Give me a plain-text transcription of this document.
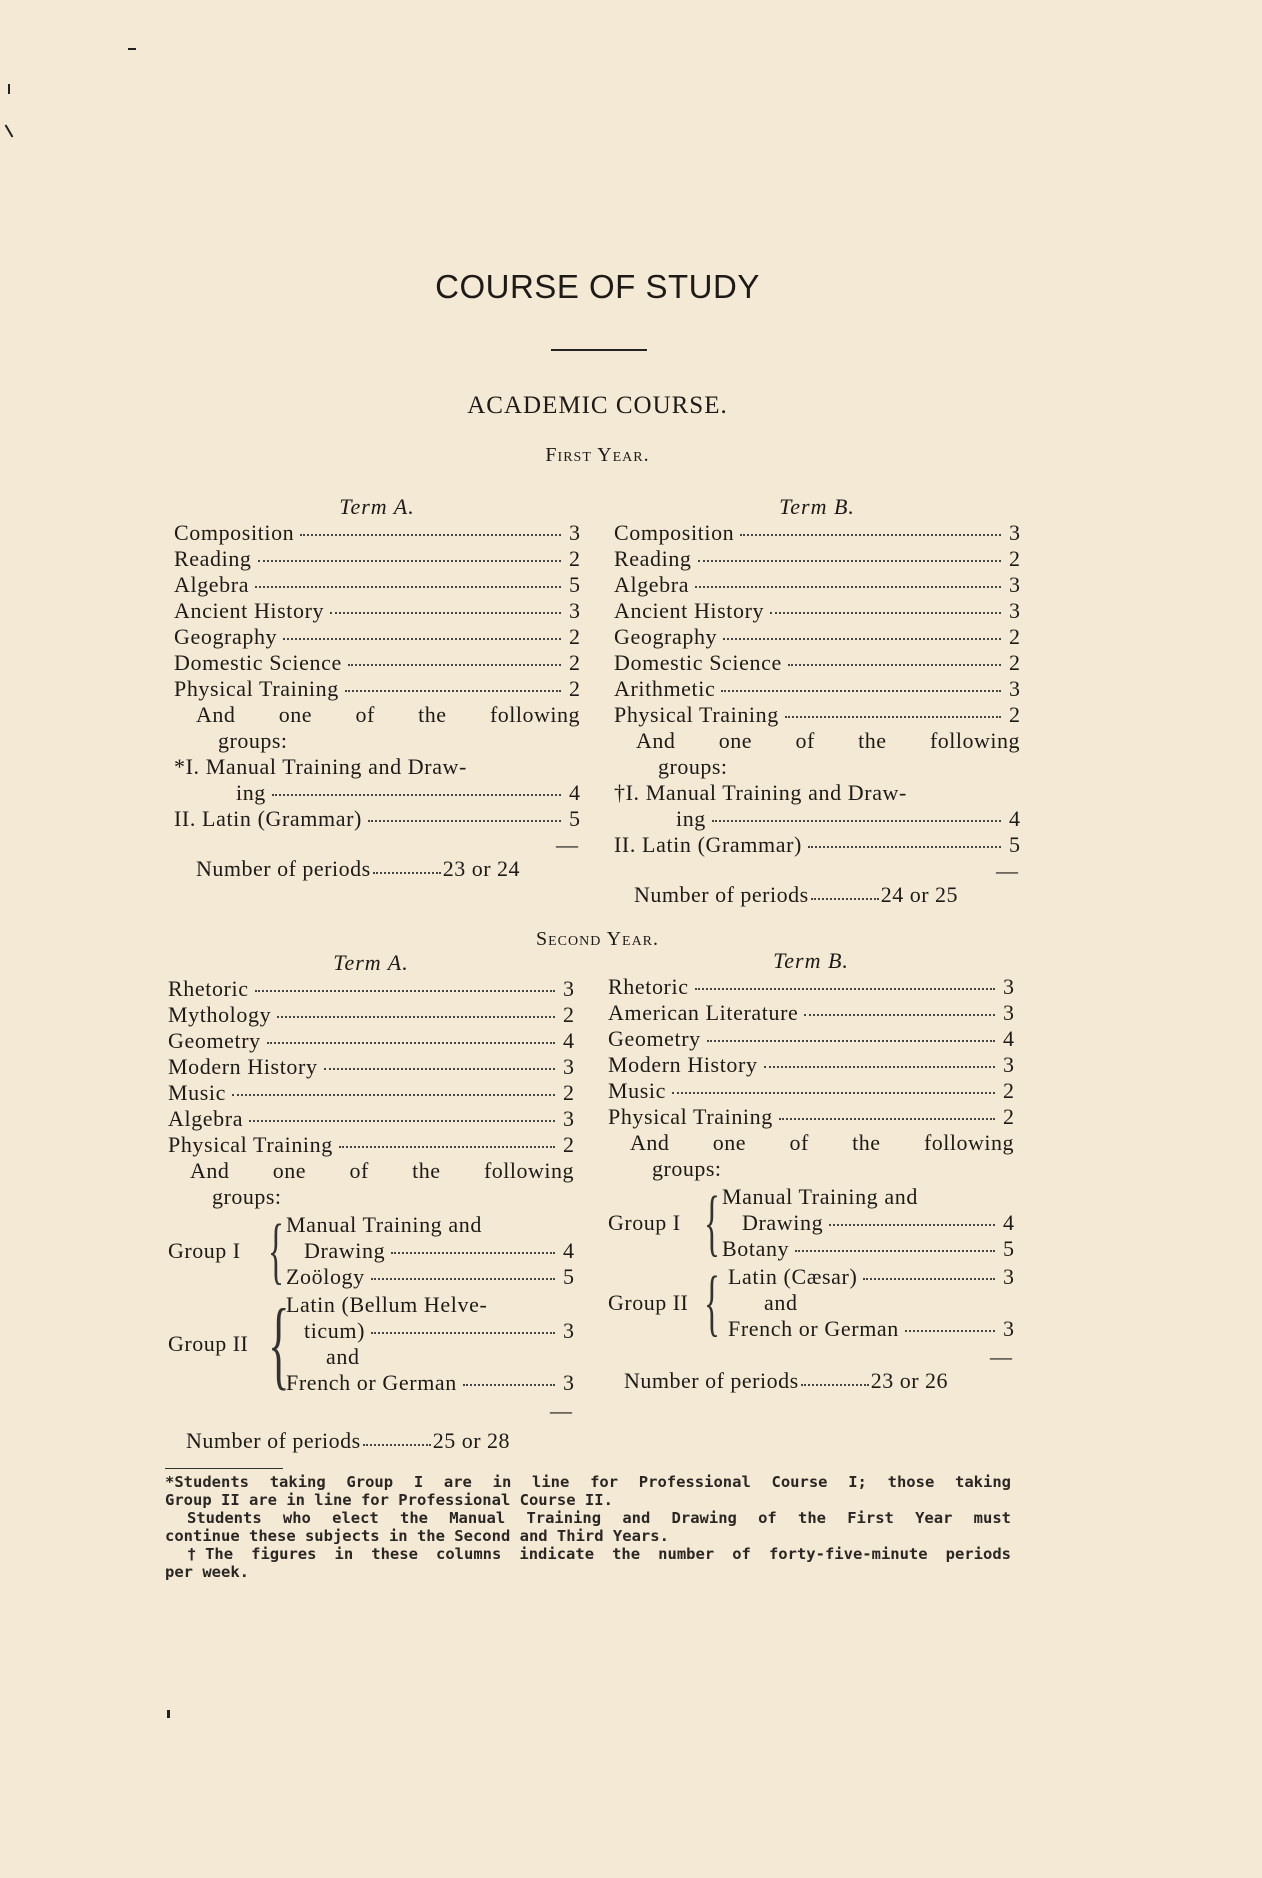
COURSE OF STUDY
ACADEMIC COURSE.
First Year.
Term A.
Composition	3
Reading	2
Algebra	5
Ancient History	3
Geography	2
Domestic Science	2
Physical Training	2
And one of the following
groups:
*I. Manual Training and Draw-
ing	4
II. Latin (Grammar)	5
—
Number of periods	23 or 24
Term B.
Composition	3
Reading	2
Algebra	3
Ancient History	3
Geography	2
Domestic Science	2
Arithmetic	3
Physical Training	2
And one of the following
groups:
†I. Manual Training and Draw-
ing	4
II. Latin (Grammar)	5
—
Number of periods	24 or 25
Second Year.
Term A.
Rhetoric	3
Mythology	2
Geometry	4
Modern History	3
Music	2
Algebra	3
Physical Training	2
And one of the following
groups:
Group I { Manual Training and
Drawing	4
Zoölogy	5
Group II {
Latin (Bellum Helve-
ticum)	3
and
French or German	3
—
Number of periods	25 or 28
Term B.
Rhetoric	3
American Literature	3
Geometry	4
Modern History	3
Music	2
Physical Training	2
And one of the following
groups:
Group I { Manual Training and
Drawing	4
Botany	5
Group II { Latin (Cæsar)	3
and
French or German	3
—
Number of periods	23 or 26
*Students taking Group I are in line for Professional Course I; those taking
Group II are in line for Professional Course II.
Students who elect the Manual Training and Drawing of the First Year must
continue these subjects in the Second and Third Years.
†The figures in these columns indicate the number of forty-five-minute periods
per week.
